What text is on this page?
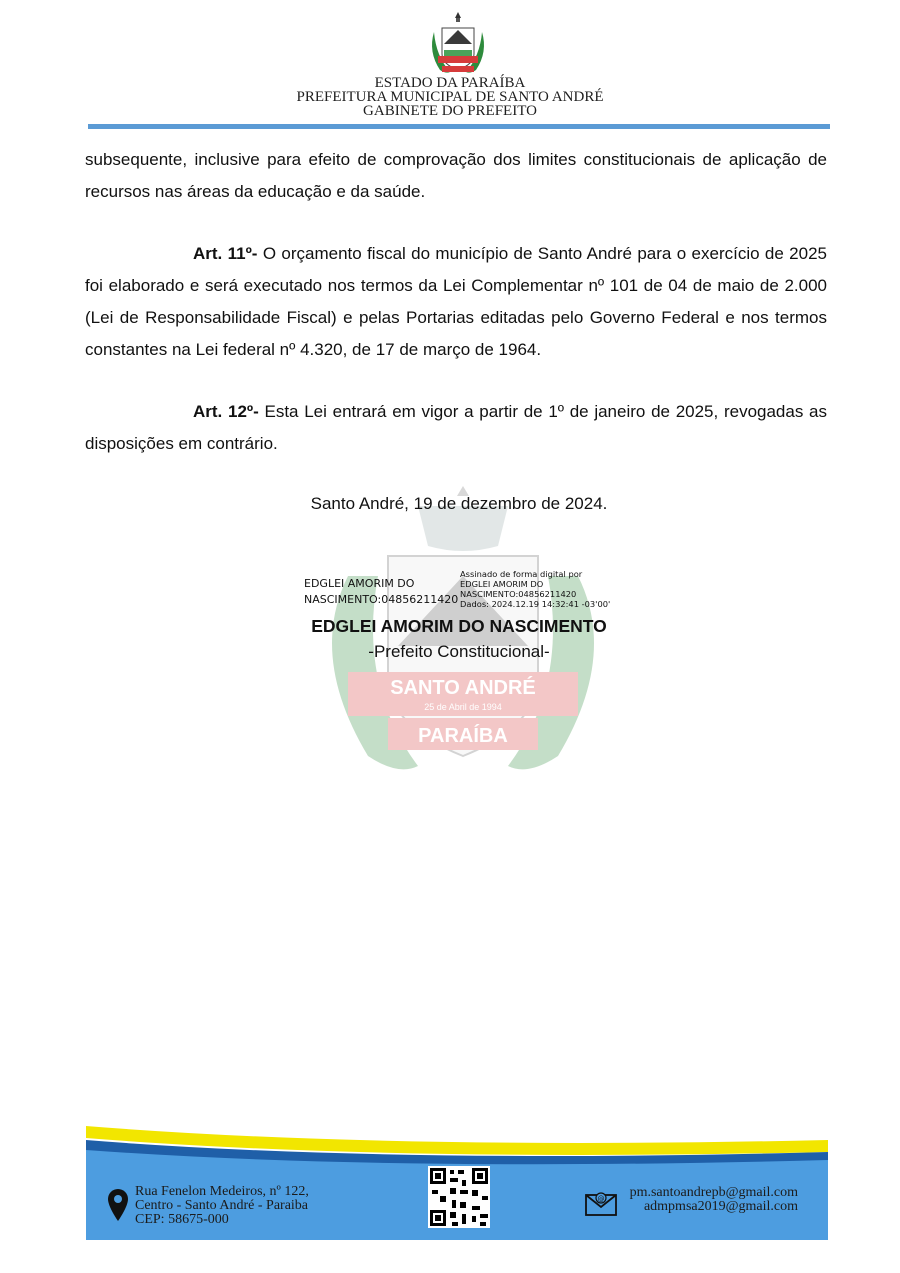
ESTADO DA PARAÍBA
PREFEITURA MUNICIPAL DE SANTO ANDRÉ
GABINETE DO PREFEITO
SANTO ANDRÉ
25 de Abril de 1994
PARAÍBA

subsequente, inclusive para efeito de comprovação dos limites constitucionais de aplicação de recursos nas áreas da educação e da saúde.

Art. 11º- O orçamento fiscal do município de Santo André para o exercício de 2025 foi elaborado e será executado nos termos da Lei Complementar nº 101 de 04 de maio de 2.000 (Lei de Responsabilidade Fiscal) e pelas Portarias editadas pelo Governo Federal e nos termos constantes na Lei federal nº 4.320, de 17 de março de 1964.

Art. 12º- Esta Lei entrará em vigor a partir de 1º de janeiro de 2025, revogadas as disposições em contrário.

Santo André, 19 de dezembro de 2024.
EDGLEI AMORIM DO
NASCIMENTO:04856211420
Assinado de forma digital por
EDGLEI AMORIM DO
NASCIMENTO:04856211420
Dados: 2024.12.19 14:32:41 -03'00'
EDGLEI AMORIM DO NASCIMENTO
-Prefeito Constitucional-
Rua Fenelon Medeiros, nº 122,
Centro - Santo André - Paraiba
CEP: 58675-000
@	pm.santoandrepb@gmail.com
admpmsa2019@gmail.com
